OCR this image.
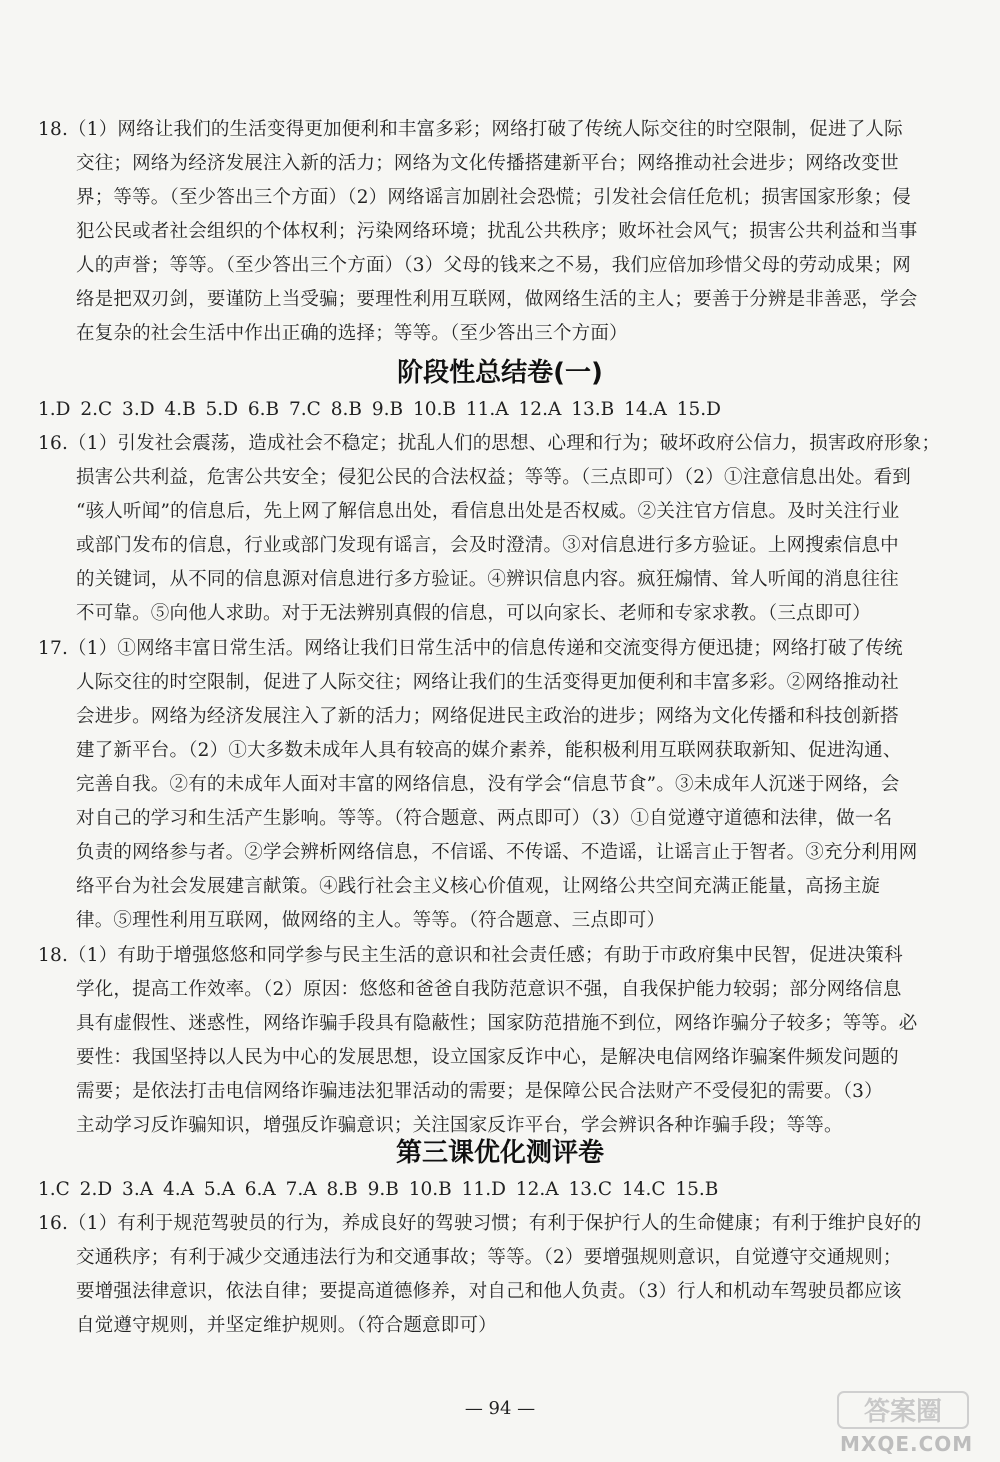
18.（1）网络让我们的生活变得更加便利和丰富多彩；网络打破了传统人际交往的时空限制，促进了人际
交往；网络为经济发展注入新的活力；网络为文化传播搭建新平台；网络推动社会进步；网络改变世
界；等等。（至少答出三个方面）（2）网络谣言加剧社会恐慌；引发社会信任危机；损害国家形象；侵
犯公民或者社会组织的个体权利；污染网络环境；扰乱公共秩序；败坏社会风气；损害公共利益和当事
人的声誉；等等。（至少答出三个方面）（3）父母的钱来之不易，我们应倍加珍惜父母的劳动成果；网
络是把双刃剑，要谨防上当受骗；要理性利用互联网，做网络生活的主人；要善于分辨是非善恶，学会
在复杂的社会生活中作出正确的选择；等等。（至少答出三个方面）
阶段性总结卷(一)
1.D 2.C 3.D 4.B 5.D 6.B 7.C 8.B 9.B 10.B 11.A 12.A 13.B 14.A 15.D
16.（1）引发社会震荡，造成社会不稳定；扰乱人们的思想、心理和行为；破坏政府公信力，损害政府形象；
损害公共利益，危害公共安全；侵犯公民的合法权益；等等。（三点即可）（2）①注意信息出处。看到
“骇人听闻”的信息后，先上网了解信息出处，看信息出处是否权威。②关注官方信息。及时关注行业
或部门发布的信息，行业或部门发现有谣言，会及时澄清。③对信息进行多方验证。上网搜索信息中
的关键词，从不同的信息源对信息进行多方验证。④辨识信息内容。疯狂煽情、耸人听闻的消息往往
不可靠。⑤向他人求助。对于无法辨别真假的信息，可以向家长、老师和专家求教。（三点即可）
17.（1）①网络丰富日常生活。网络让我们日常生活中的信息传递和交流变得方便迅捷；网络打破了传统
人际交往的时空限制，促进了人际交往；网络让我们的生活变得更加便利和丰富多彩。②网络推动社
会进步。网络为经济发展注入了新的活力；网络促进民主政治的进步；网络为文化传播和科技创新搭
建了新平台。（2）①大多数未成年人具有较高的媒介素养，能积极利用互联网获取新知、促进沟通、
完善自我。②有的未成年人面对丰富的网络信息，没有学会“信息节食”。③未成年人沉迷于网络，会
对自己的学习和生活产生影响。等等。（符合题意、两点即可）（3）①自觉遵守道德和法律，做一名
负责的网络参与者。②学会辨析网络信息，不信谣、不传谣、不造谣，让谣言止于智者。③充分利用网
络平台为社会发展建言献策。④践行社会主义核心价值观，让网络公共空间充满正能量，高扬主旋
律。⑤理性利用互联网，做网络的主人。等等。（符合题意、三点即可）
18.（1）有助于增强悠悠和同学参与民主生活的意识和社会责任感；有助于市政府集中民智，促进决策科
学化，提高工作效率。（2）原因：悠悠和爸爸自我防范意识不强，自我保护能力较弱；部分网络信息
具有虚假性、迷惑性，网络诈骗手段具有隐蔽性；国家防范措施不到位，网络诈骗分子较多；等等。必
要性：我国坚持以人民为中心的发展思想，设立国家反诈中心，是解决电信网络诈骗案件频发问题的
需要；是依法打击电信网络诈骗违法犯罪活动的需要；是保障公民合法财产不受侵犯的需要。（3）
主动学习反诈骗知识，增强反诈骗意识；关注国家反诈平台，学会辨识各种诈骗手段；等等。
第三课优化测评卷
1.C 2.D 3.A 4.A 5.A 6.A 7.A 8.B 9.B 10.B 11.D 12.A 13.C 14.C 15.B
16.（1）有利于规范驾驶员的行为，养成良好的驾驶习惯；有利于保护行人的生命健康；有利于维护良好的
交通秩序；有利于减少交通违法行为和交通事故；等等。（2）要增强规则意识，自觉遵守交通规则；
要增强法律意识，依法自律；要提高道德修养，对自己和他人负责。（3）行人和机动车驾驶员都应该
自觉遵守规则，并坚定维护规则。（符合题意即可）
— 94 —	答案圈
MXQE.COM
